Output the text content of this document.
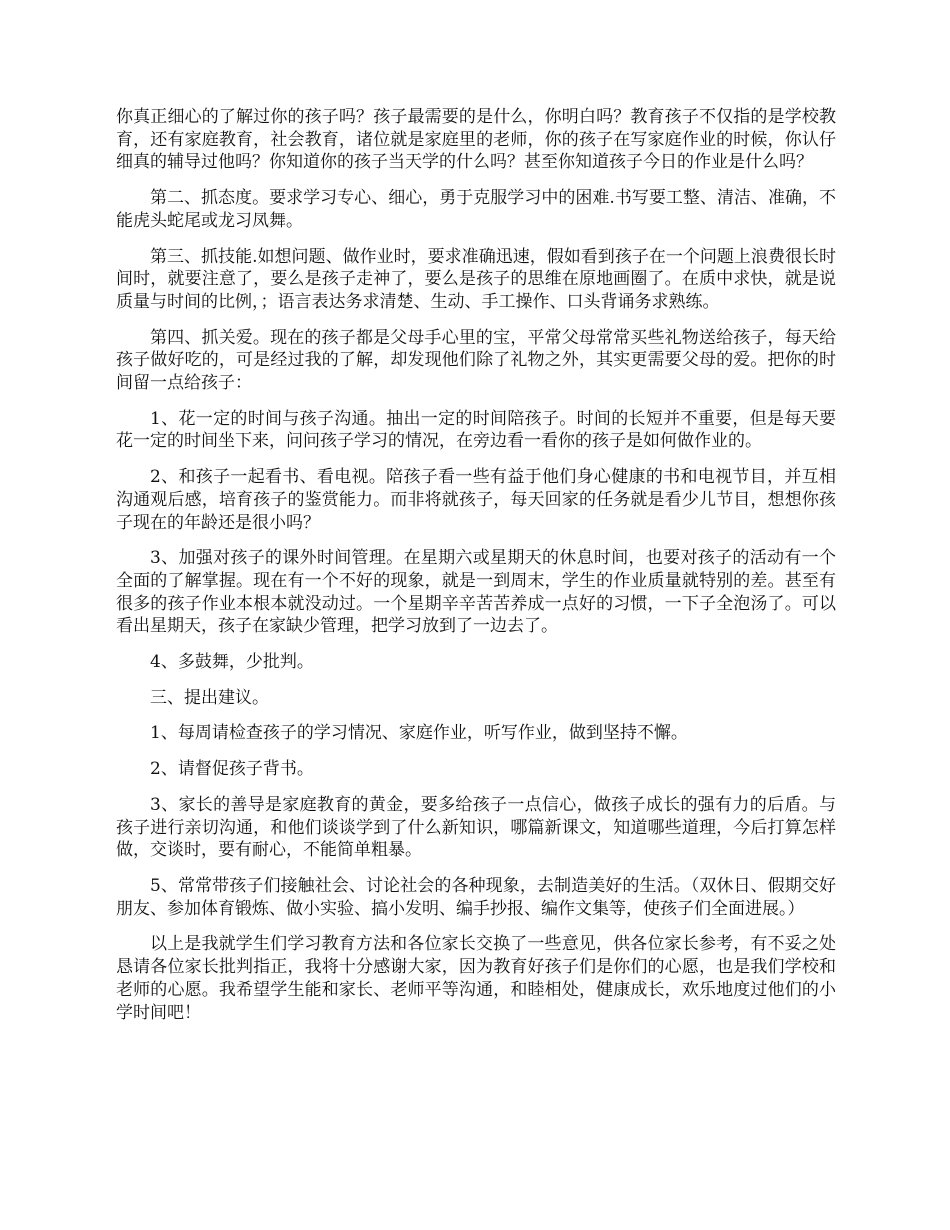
你真正细心的了解过你的孩子吗？孩子最需要的是什么，你明白吗？教育孩子不仅指的是学校教育，还有家庭教育，社会教育，诸位就是家庭里的老师，你的孩子在写家庭作业的时候，你认仔细真的辅导过他吗？你知道你的孩子当天学的什么吗？甚至你知道孩子今日的作业是什么吗？

第二、抓态度。要求学习专心、细心，勇于克服学习中的困难.书写要工整、清洁、准确，不能虎头蛇尾或龙习凤舞。

第三、抓技能.如想问题、做作业时，要求准确迅速，假如看到孩子在一个问题上浪费很长时间时，就要注意了，要么是孩子走神了，要么是孩子的思维在原地画圈了。在质中求快，就是说质量与时间的比例，；语言表达务求清楚、生动、手工操作、口头背诵务求熟练。

第四、抓关爱。现在的孩子都是父母手心里的宝，平常父母常常买些礼物送给孩子，每天给孩子做好吃的，可是经过我的了解，却发现他们除了礼物之外，其实更需要父母的爱。把你的时间留一点给孩子：

1、花一定的时间与孩子沟通。抽出一定的时间陪孩子。时间的长短并不重要，但是每天要花一定的时间坐下来，问问孩子学习的情况，在旁边看一看你的孩子是如何做作业的。

2、和孩子一起看书、看电视。陪孩子看一些有益于他们身心健康的书和电视节目，并互相沟通观后感，培育孩子的鉴赏能力。而非将就孩子，每天回家的任务就是看少儿节目，想想你孩子现在的年龄还是很小吗？

3、加强对孩子的课外时间管理。在星期六或星期天的休息时间，也要对孩子的活动有一个全面的了解掌握。现在有一个不好的现象，就是一到周末，学生的作业质量就特别的差。甚至有很多的孩子作业本根本就没动过。一个星期辛辛苦苦养成一点好的习惯，一下子全泡汤了。可以看出星期天，孩子在家缺少管理，把学习放到了一边去了。

4、多鼓舞，少批判。

三、提出建议。

1、每周请检查孩子的学习情况、家庭作业，听写作业，做到坚持不懈。

2、请督促孩子背书。

3、家长的善导是家庭教育的黄金，要多给孩子一点信心，做孩子成长的强有力的后盾。与孩子进行亲切沟通，和他们谈谈学到了什么新知识，哪篇新课文，知道哪些道理，今后打算怎样做，交谈时，要有耐心，不能简单粗暴。

5、常常带孩子们接触社会、讨论社会的各种现象，去制造美好的生活。（双休日、假期交好朋友、参加体育锻炼、做小实验、搞小发明、编手抄报、编作文集等，使孩子们全面进展。）

以上是我就学生们学习教育方法和各位家长交换了一些意见，供各位家长参考，有不妥之处恳请各位家长批判指正，我将十分感谢大家，因为教育好孩子们是你们的心愿，也是我们学校和老师的心愿。我希望学生能和家长、老师平等沟通，和睦相处，健康成长，欢乐地度过他们的小学时间吧！
